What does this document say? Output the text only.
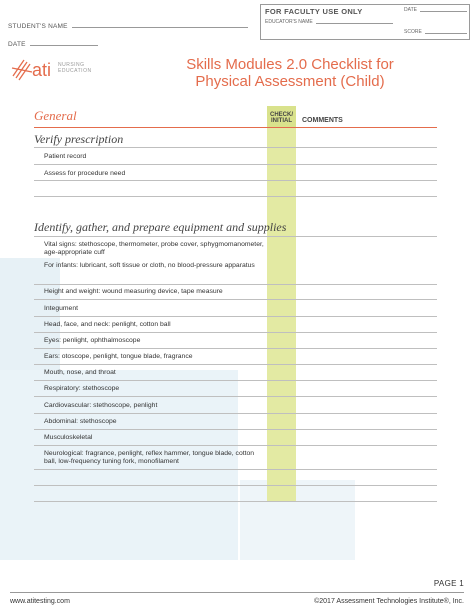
STUDENT'S NAME
DATE
FOR FACULTY USE ONLY
EDUCATOR'S NAME
DATE
SCORE
ati NURSING
EDUCATION	Skills Modules 2.0 Checklist for
Physical Assessment (Child)
CHECK/
INITIAL	COMMENTS
General
Verify prescription
Patient record
Assess for procedure need
Identify, gather, and prepare equipment and supplies
Vital signs: stethoscope, thermometer, probe cover, sphygmomanometer, age-appropriate cuff
For infants: lubricant, soft tissue or cloth, no blood-pressure apparatus
Height and weight: wound measuring device, tape measure
Integument
Head, face, and neck: penlight, cotton ball
Eyes: penlight, ophthalmoscope
Ears: otoscope, penlight, tongue blade, fragrance
Mouth, nose, and throat
Respiratory: stethoscope
Cardiovascular: stethoscope, penlight
Abdominal: stethoscope
Musculoskeletal
Neurological: fragrance, penlight, reflex hammer, tongue blade, cotton ball, low-frequency tuning fork, monofilament
PAGE 1
www.atitesting.com	©2017 Assessment Technologies Institute®, Inc.
